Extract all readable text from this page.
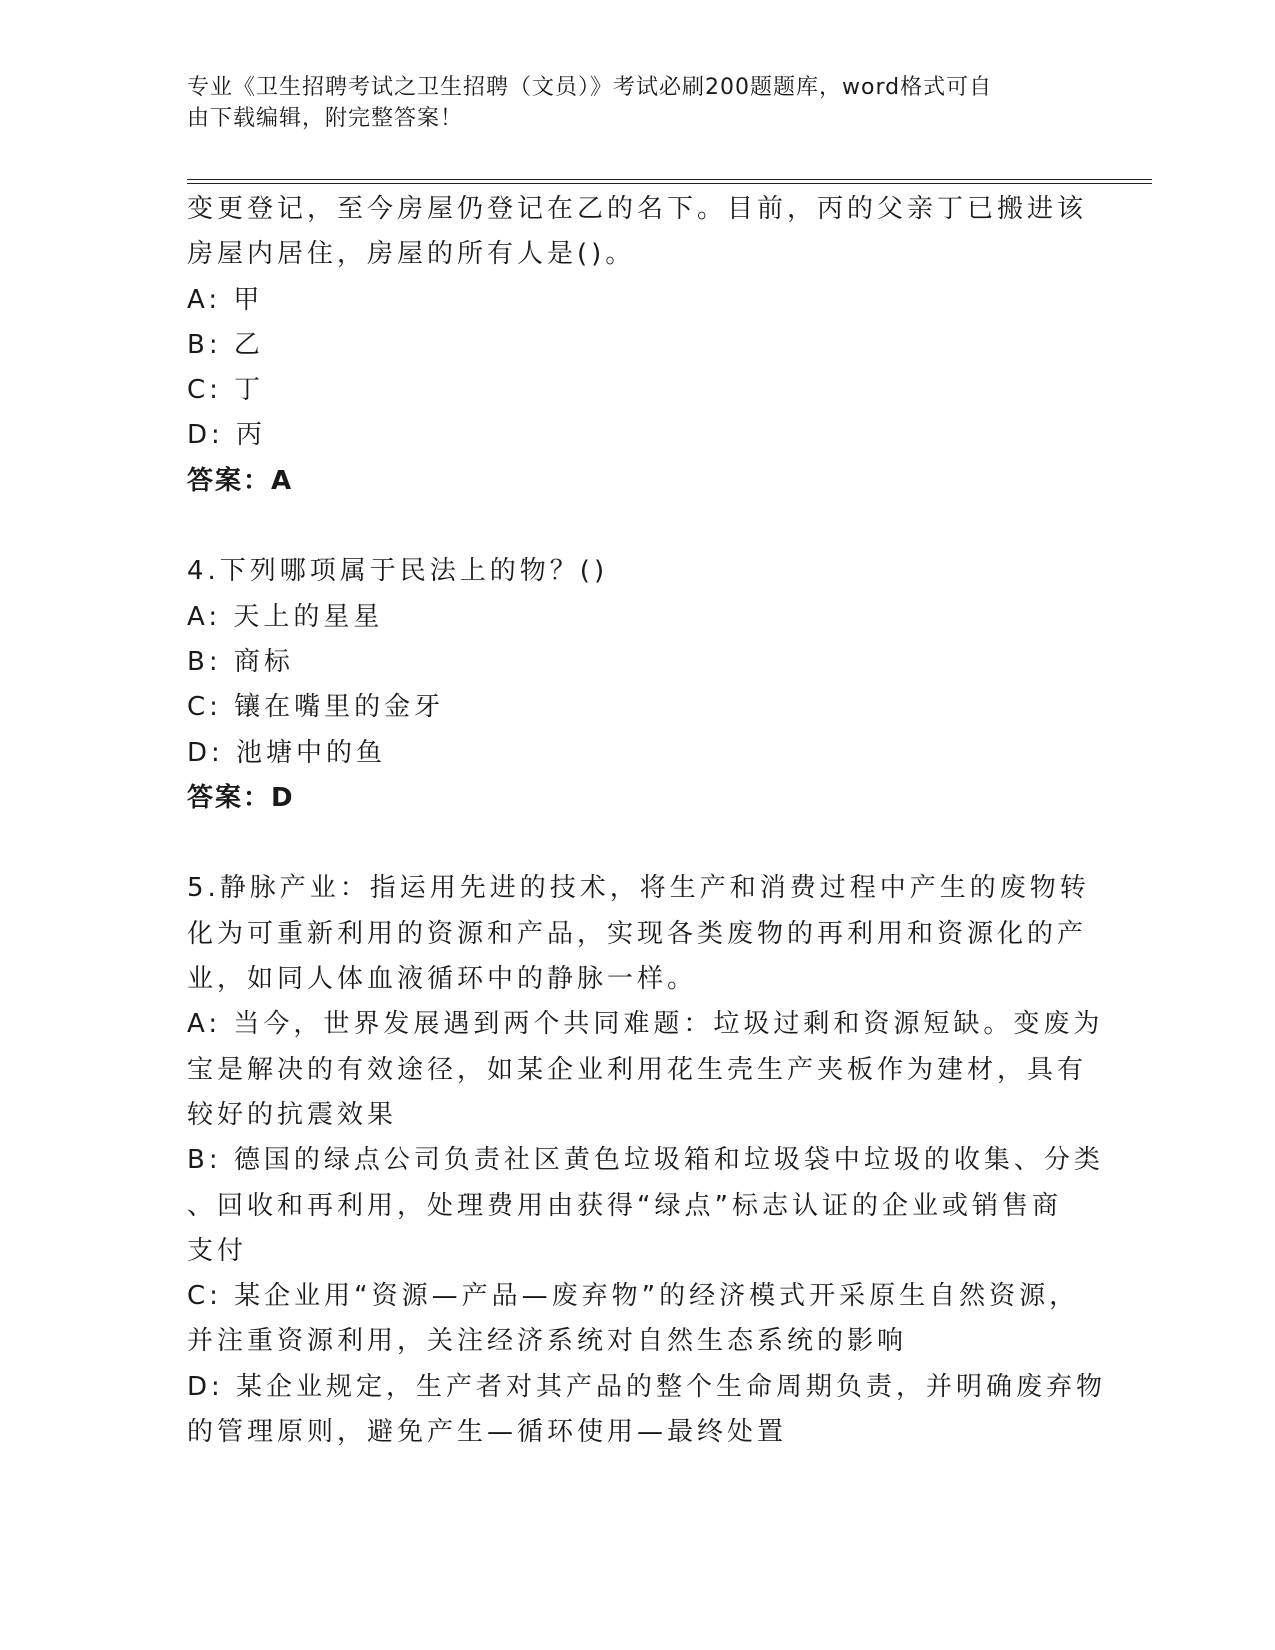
专业《卫生招聘考试之卫生招聘（文员）》考试必刷200题题库，word格式可自
由下载编辑，附完整答案！
变更登记，至今房屋仍登记在乙的名下。目前，丙的父亲丁已搬进该
房屋内居住，房屋的所有人是()。
A: 甲
B: 乙
C: 丁
D: 丙
答案：A
4.下列哪项属于民法上的物？()
A: 天上的星星
B: 商标
C: 镶在嘴里的金牙
D: 池塘中的鱼
答案：D
5.静脉产业：指运用先进的技术，将生产和消费过程中产生的废物转
化为可重新利用的资源和产品，实现各类废物的再利用和资源化的产
业，如同人体血液循环中的静脉一样。
A: 当今，世界发展遇到两个共同难题：垃圾过剩和资源短缺。变废为
宝是解决的有效途径，如某企业利用花生壳生产夹板作为建材，具有
较好的抗震效果
B: 德国的绿点公司负责社区黄色垃圾箱和垃圾袋中垃圾的收集、分类
、回收和再利用，处理费用由获得“绿点”标志认证的企业或销售商
支付
C: 某企业用“资源—产品—废弃物”的经济模式开采原生自然资源，
并注重资源利用，关注经济系统对自然生态系统的影响
D: 某企业规定，生产者对其产品的整个生命周期负责，并明确废弃物
的管理原则，避免产生—循环使用—最终处置
